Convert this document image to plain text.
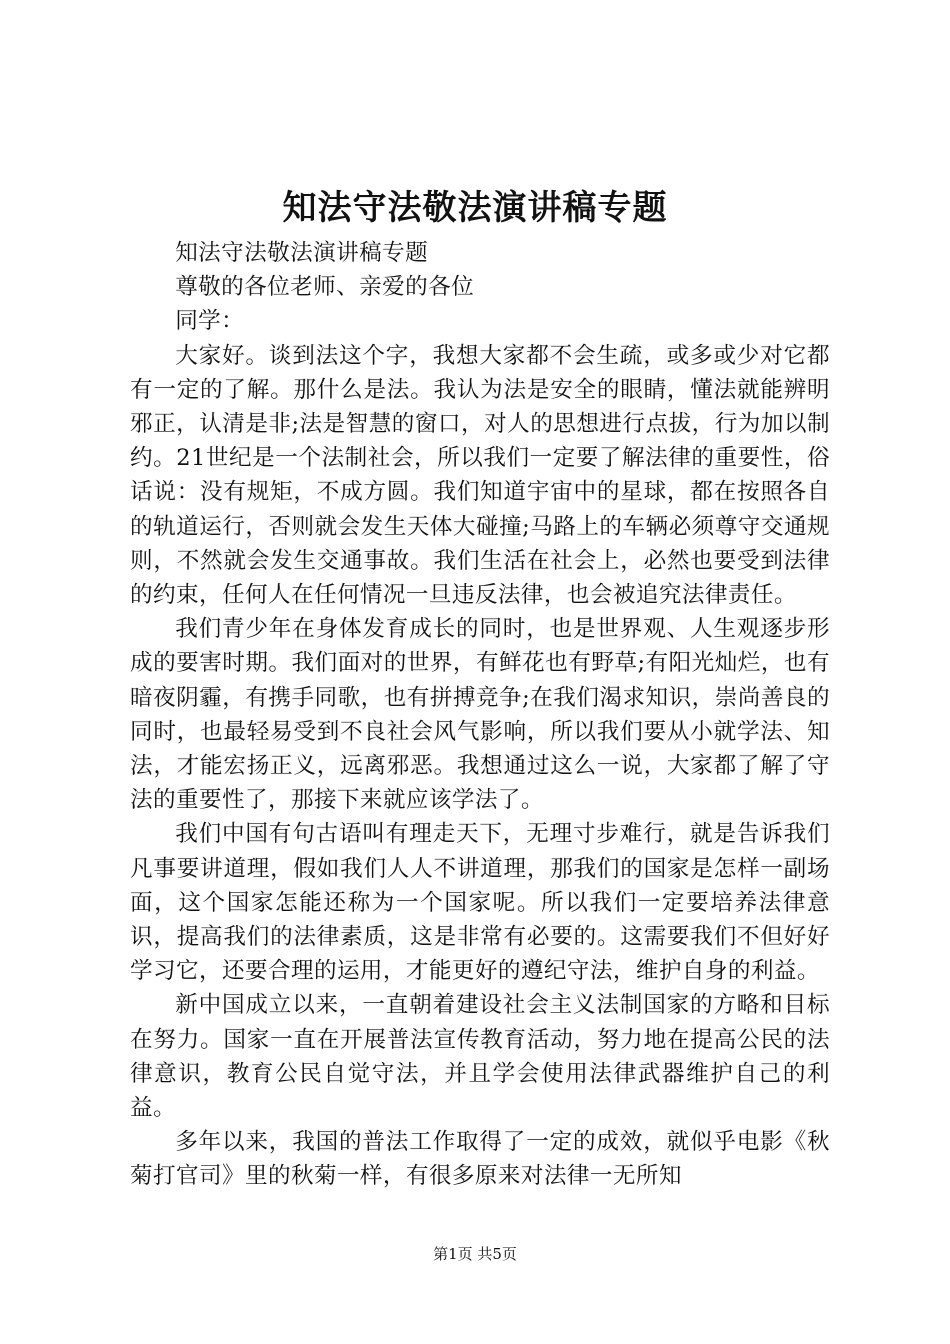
知法守法敬法演讲稿专题

知法守法敬法演讲稿专题

尊敬的各位老师、亲爱的各位

同学：

大家好。谈到法这个字，我想大家都不会生疏，或多或少对它都有一定的了解。那什么是法。我认为法是安全的眼睛，懂法就能辨明邪正，认清是非;法是智慧的窗口，对人的思想进行点拔，行为加以制约。21世纪是一个法制社会，所以我们一定要了解法律的重要性，俗话说：没有规矩，不成方圆。我们知道宇宙中的星球，都在按照各自的轨道运行，否则就会发生天体大碰撞;马路上的车辆必须尊守交通规则，不然就会发生交通事故。我们生活在社会上，必然也要受到法律的约束，任何人在任何情况一旦违反法律，也会被追究法律责任。

我们青少年在身体发育成长的同时，也是世界观、人生观逐步形成的要害时期。我们面对的世界，有鲜花也有野草;有阳光灿烂，也有暗夜阴霾，有携手同歌，也有拼搏竞争;在我们渴求知识，崇尚善良的同时，也最轻易受到不良社会风气影响，所以我们要从小就学法、知法，才能宏扬正义，远离邪恶。我想通过这么一说，大家都了解了守法的重要性了，那接下来就应该学法了。

我们中国有句古语叫有理走天下，无理寸步难行，就是告诉我们凡事要讲道理，假如我们人人不讲道理，那我们的国家是怎样一副场面，这个国家怎能还称为一个国家呢。所以我们一定要培养法律意识，提高我们的法律素质，这是非常有必要的。这需要我们不但好好学习它，还要合理的运用，才能更好的遵纪守法，维护自身的利益。

新中国成立以来，一直朝着建设社会主义法制国家的方略和目标在努力。国家一直在开展普法宣传教育活动，努力地在提高公民的法律意识，教育公民自觉守法，并且学会使用法律武器维护自己的利益。

多年以来，我国的普法工作取得了一定的成效，就似乎电影《秋菊打官司》里的秋菊一样，有很多原来对法律一无所知

第1页 共5页
